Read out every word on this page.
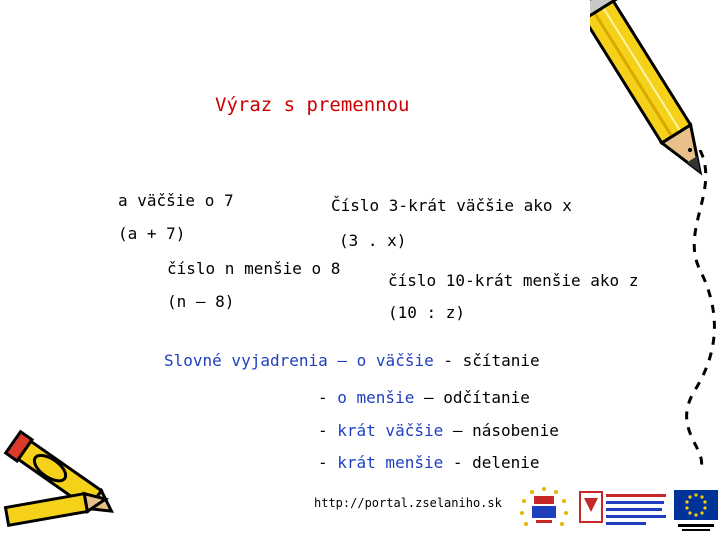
Výraz s premennou
a väčšie o 7
(a + 7)
číslo n menšie o 8
(n – 8)
Číslo 3-krát väčšie ako x
(3 . x)
číslo 10-krát menšie ako z
(10 : z)
Slovné vyjadrenia – o väčšie - sčítanie
- o menšie – odčítanie
- krát väčšie – násobenie
- krát menšie - delenie
http://portal.zselaniho.sk
